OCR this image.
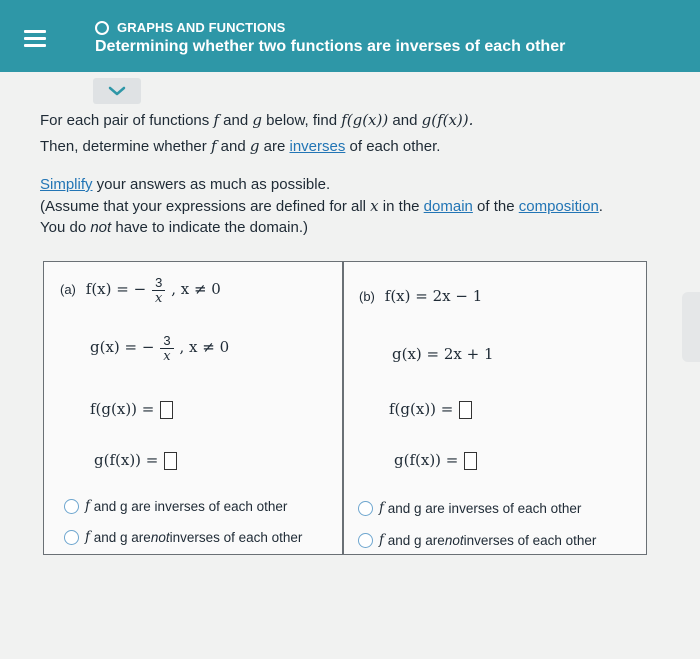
GRAPHS AND FUNCTIONS
Determining whether two functions are inverses of each other
For each pair of functions f and g below, find f(g(x)) and g(f(x)).
Then, determine whether f and g are inverses of each other.
Simplify your answers as much as possible.
(Assume that your expressions are defined for all x in the domain of the composition.
You do not have to indicate the domain.)
(a) f(x) = − $\frac{3}{x}$ , x ≠ 0
g(x) = − $\frac{3}{x}$ , x ≠ 0
f(g(x)) =
g(f(x)) =
f
and g are inverses of each other
f
and g are not inverses of each other
(b) f(x) = 2x − 1
g(x) = 2x + 1
f(g(x)) =
g(f(x)) =
f
and g are inverses of each other
f
and g are not inverses of each other
